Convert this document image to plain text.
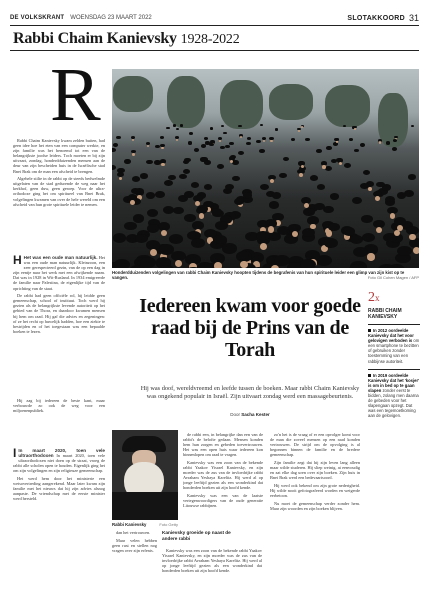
DE VOLKSKRANT WOENSDAG 23 MAART 2022	SLOTAKKOORD 31
Rabbi Chaim Kanievsky 1928-2022
R

Rabbi Chaim Kanievsky kwam zelden buiten, had geen idee hoe het eten van een computer werkte, en zijn familie was het benoemd tot een van de belangrijkste joodse leiders. Toch moeten er bij zijn uitvaart, zondag, honderdduizenden mensen aan de deur van zijn bescheiden huis in de Israëlische stad Bnei Brak om de man een afscheid te brengen.

Algehele stilte in de rabbi op de steeds bedwelmde uitgelaten van de stad gedurende de weg naar het kerkhof, geen duw, geen geroep. Voor de ultra-orthodoxe ging het om spiritueel van Bnei Brak, volgelingen kwamen van over de hele wereld om een afscheid van hun grote spirituele leider te nemen.

H Het was een oude man natuurlijk. Het was een oude man natuurlijk. Kleinzoon, een zeer gerespecteerd gezin, van de op een dag in zijn eentje naar het werk met een afwijkende naam. Dat was in 1928 in Wit-Rusland. In 1934 emigreerde de familie naar Palestina, de eigenlijke tijd van de oprichting van de staat.

De rabbi had geen officiële rol, hij leidde geen gemeenschap, school of instituut. Toch werd hij gezien als de belangrijkste levende autoriteit op het gebied van de Thora, en daardoor kwamen mensen bij hem om raad. Hij gaf die advies en zegeningen: of ze het recht op huwelijk hadden, hoe een ziekte te bestrijden en of het toegestaan was een bepaalde boeken te lezen.

Hij zag bij iedereen de beste kant, maar verbouwde zo ook de weg voor een miljoenenpubliek.

I In maart 2020, toen vele ultraorthodoxen In maart 2020, toen vele ultraorthodoxen niet doen op de straat, vroeg de rabbi alle scholen open te houden. Eigenlijk ging het om zijn volgelingen en zijn religieuze gemeenschap.

Het werd hem door het ministerie een wetsovertreding aangerekend. Maar later kwam zijn familie met het nieuws dat hij zijn advies alsnog aanpaste. De vriendschap met de eerste minister werd hersteld.

Honderdduizenden volgelingen van rabbi Chaim Kanievsky hoopten tijdens de begrafenis van hun spirituele leider een glimp van zijn kist op te vangen.	Foto Gil Cohen Magen / AFP
Iedereen kwam voor goede raad bij de Prins van de Torah
Hij was doof, wereldvreemd en leefde tussen de boeken. Maar rabbi Chaim Kanievsky was ongekend populair in Israël. Zijn uitvaart zondag werd een massagebeurtenis.
Door Sacha Kester
Rabbi Kanievsky	Foto Getty

de rabbi een, in belangrijke dan een van de rabbi's de belofte gedaan. Mensen konden hem hun zorgen en gebeden toevertrouwen. Het was een open huis waar iedereen kon binnenlopen om raad te vragen.

Kanievsky was een zoon van de bekende rabbi Yaakov Yisrael Kanievsky, en zijn moeder was de zus van de invloedrijke rabbi Avraham Yeshaya Karelitz. Hij werd al op jonge leeftijd gezien als een wonderkind dat honderden boeken uit zijn hoofd kende.

Kanievsky was een van de laatste vertegenwoordigers van de oude generatie Litouwse rabbijnen.

dan het vertrouwen.

Maar velen hebben geen rust en stellen nog vragen over zijn erfenis.

Kanievsky groeide op naast de andere rabbi

Kanievsky was een zoon van de bekende rabbi Yaakov Yisrael Kanievsky, en zijn moeder was de zus van de invloedrijke rabbi Avraham Yeshaya Karelitz. Hij werd al op jonge leeftijd gezien als een wonderkind dat honderden boeken uit zijn hoofd kende.

zo'n het is de vraag of er een opvolger komt voor de man die zoveel mensen op een raad konden vertrouwen. De strijd om de opvolging is al begonnen binnen de familie en de bredere gemeenschap.

Zijn familie zegt dat hij zijn leven lang alleen maar wilde studeren. Hij sliep weinig, at eenvoudig en zat elke dag uren over zijn boeken. Zijn huis in Bnei Brak werd een bedevaartsoord.

Hij werd ook bekend om zijn grote nederigheid. Hij wilde nooit gefotografeerd worden en weigerde eerbetoon.

Nu moet de gemeenschap verder zonder hem. Maar zijn woorden en zijn boeken blijven.

2x
RABBI CHAIM KANIEVSKY
In 2012 oordeelde Kanievsky dat het voor gelovigen verboden is om een smartphone te bezitten of gebruiken zonder toestemming van een rabbijnse autoriteit.
In 2019 oordeelde Kanievsky dat het 'kosjer' is om in bed op te gaan slapen zonder eerst te bidden, zolang men daarna de gebeden voor het slapengaan opzegt. Dat was een tegemoetkoming aan de gelovigen.
